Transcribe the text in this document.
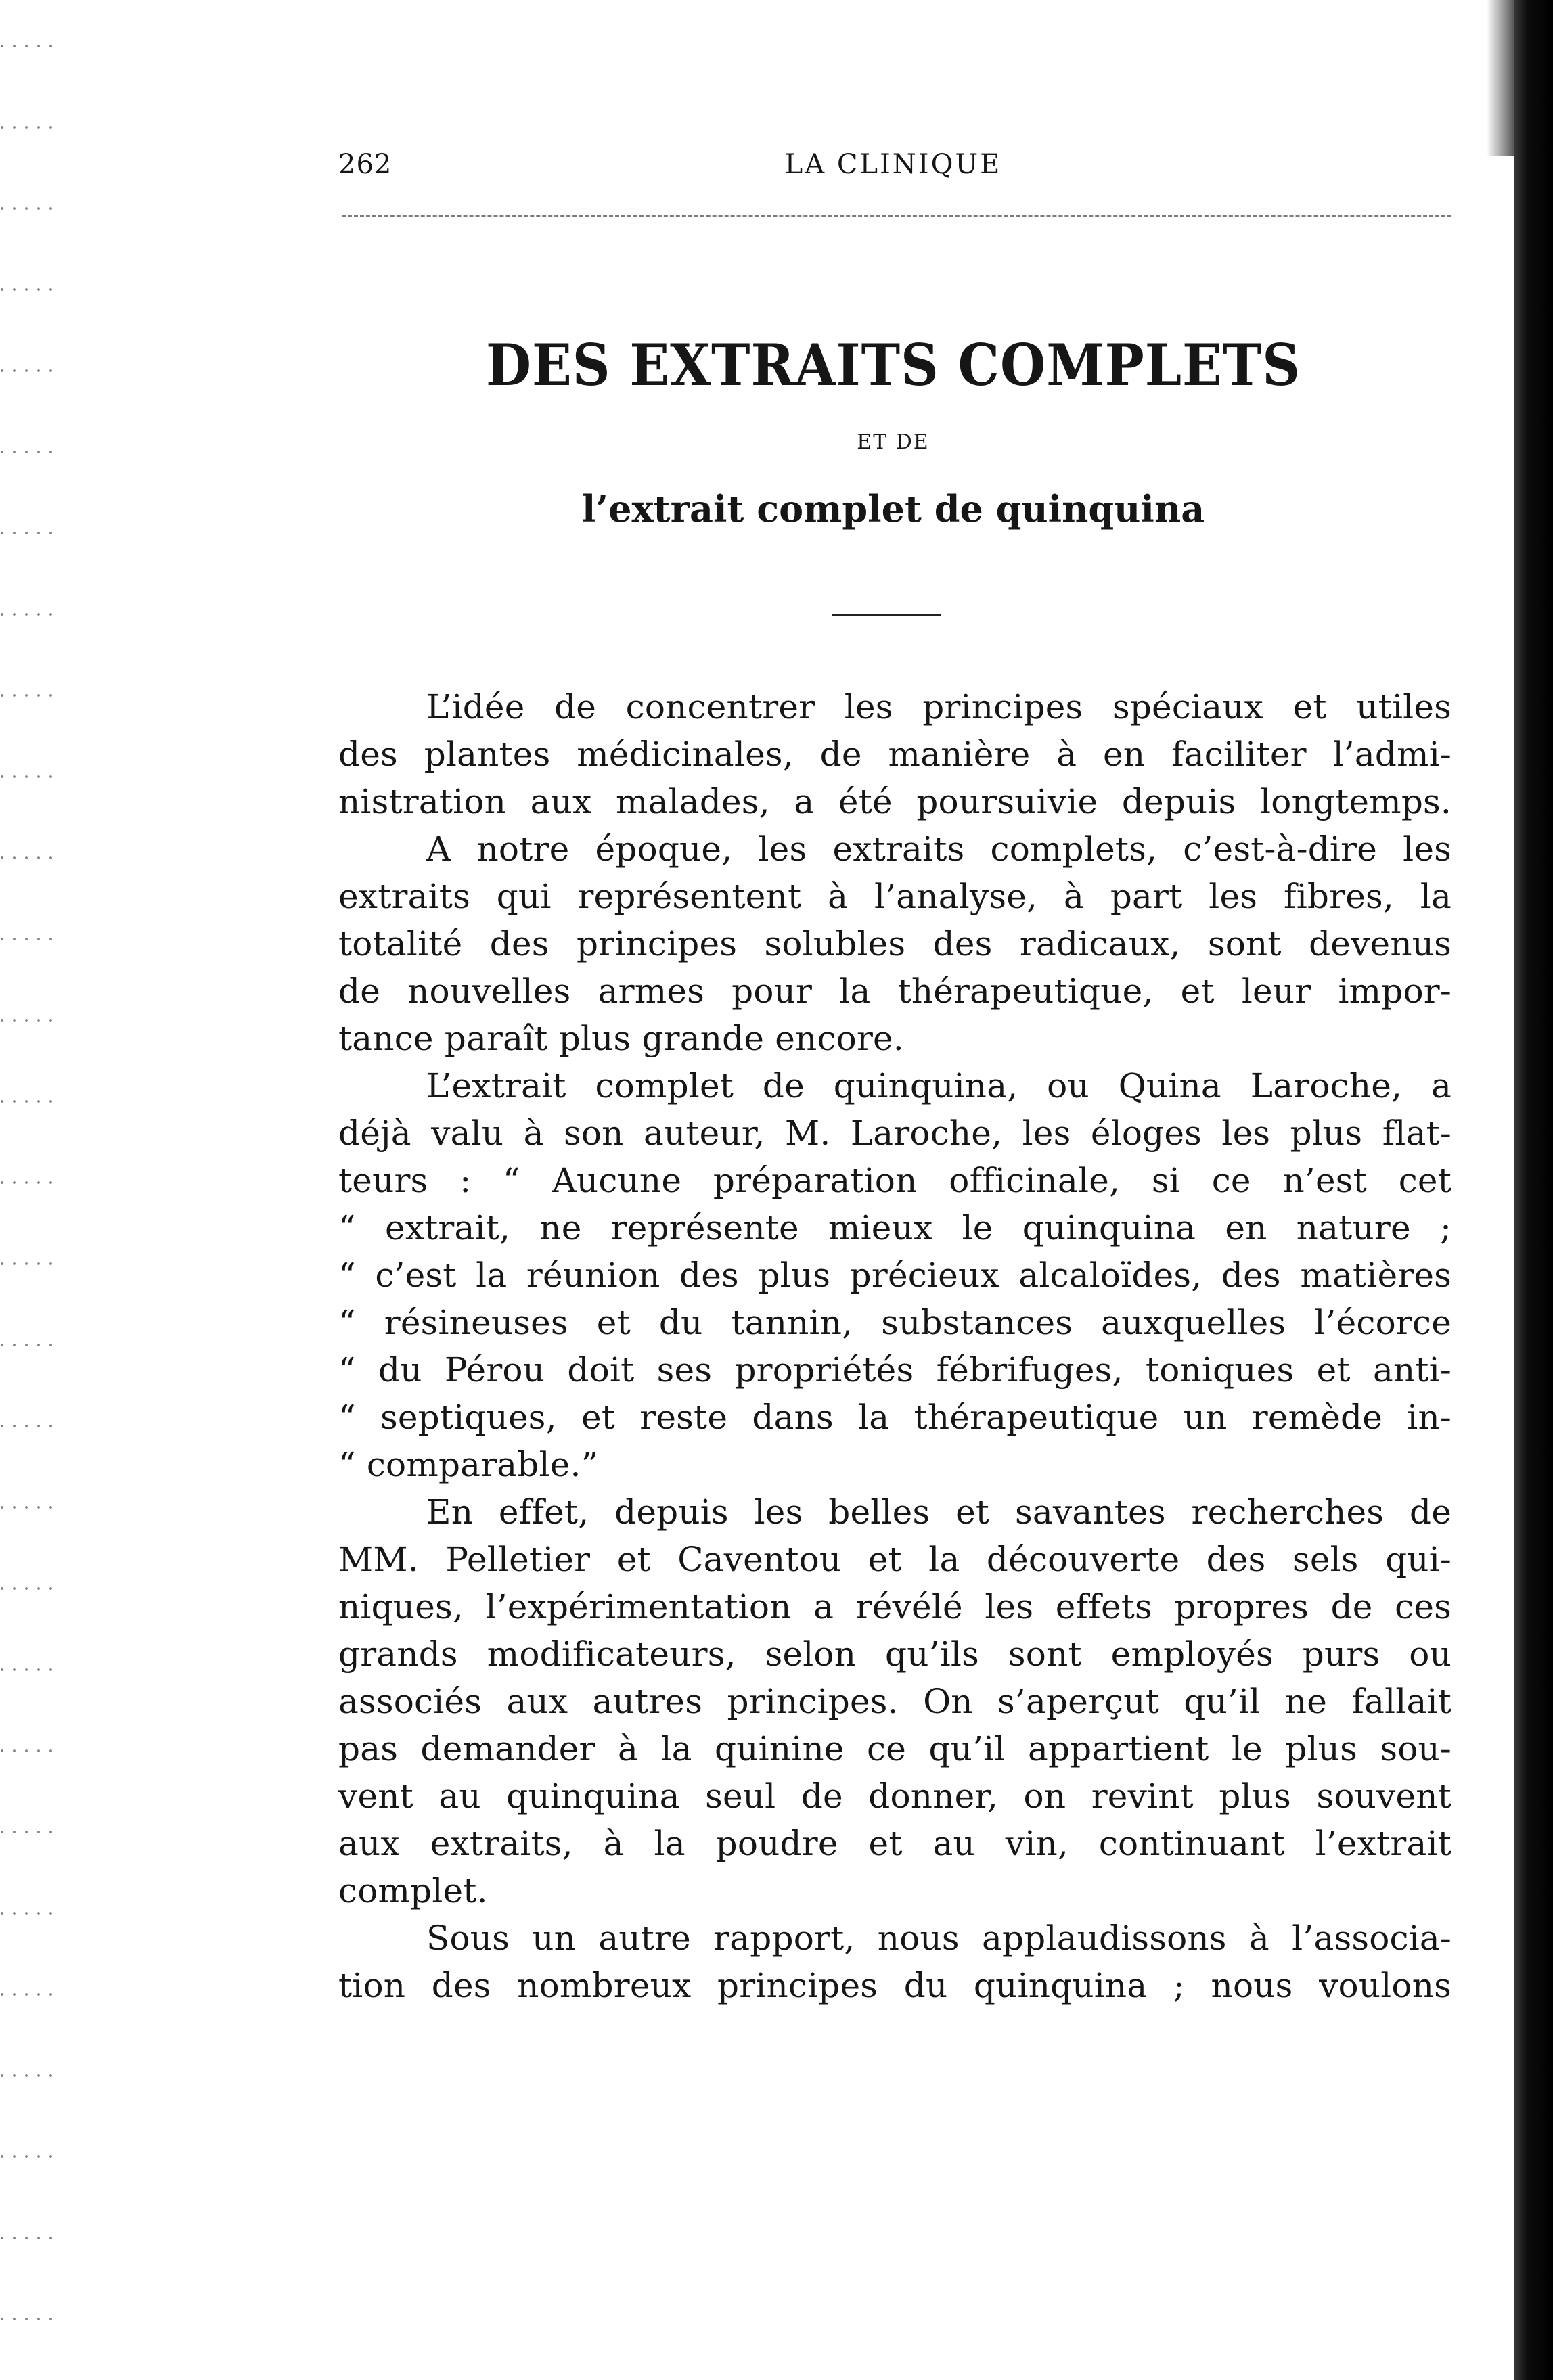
262	LA CLINIQUE
DES EXTRAITS COMPLETS
ET DE
l’extrait complet de quinquina
L’idée de concentrer les principes spéciaux et utiles
des plantes médicinales, de manière à en faciliter l’admi-
nistration aux malades, a été poursuivie depuis longtemps.
A notre époque, les extraits complets, c’est-à-dire les
extraits qui représentent à l’analyse, à part les fibres, la
totalité des principes solubles des radicaux, sont devenus
de nouvelles armes pour la thérapeutique, et leur impor-
tance paraît plus grande encore.
L’extrait complet de quinquina, ou Quina Laroche, a
déjà valu à son auteur, M. Laroche, les éloges les plus flat-
teurs : “ Aucune préparation officinale, si ce n’est cet
“ extrait, ne représente mieux le quinquina en nature ;
“ c’est la réunion des plus précieux alcaloïdes, des matières
“ résineuses et du tannin, substances auxquelles l’écorce
“ du Pérou doit ses propriétés fébrifuges, toniques et anti-
“ septiques, et reste dans la thérapeutique un remède in-
“ comparable.”
En effet, depuis les belles et savantes recherches de
MM. Pelletier et Caventou et la découverte des sels qui-
niques, l’expérimentation a révélé les effets propres de ces
grands modificateurs, selon qu’ils sont employés purs ou
associés aux autres principes. On s’aperçut qu’il ne fallait
pas demander à la quinine ce qu’il appartient le plus sou-
vent au quinquina seul de donner, on revint plus souvent
aux extraits, à la poudre et au vin, continuant l’extrait
complet.
Sous un autre rapport, nous applaudissons à l’associa-
tion des nombreux principes du quinquina ; nous voulons
